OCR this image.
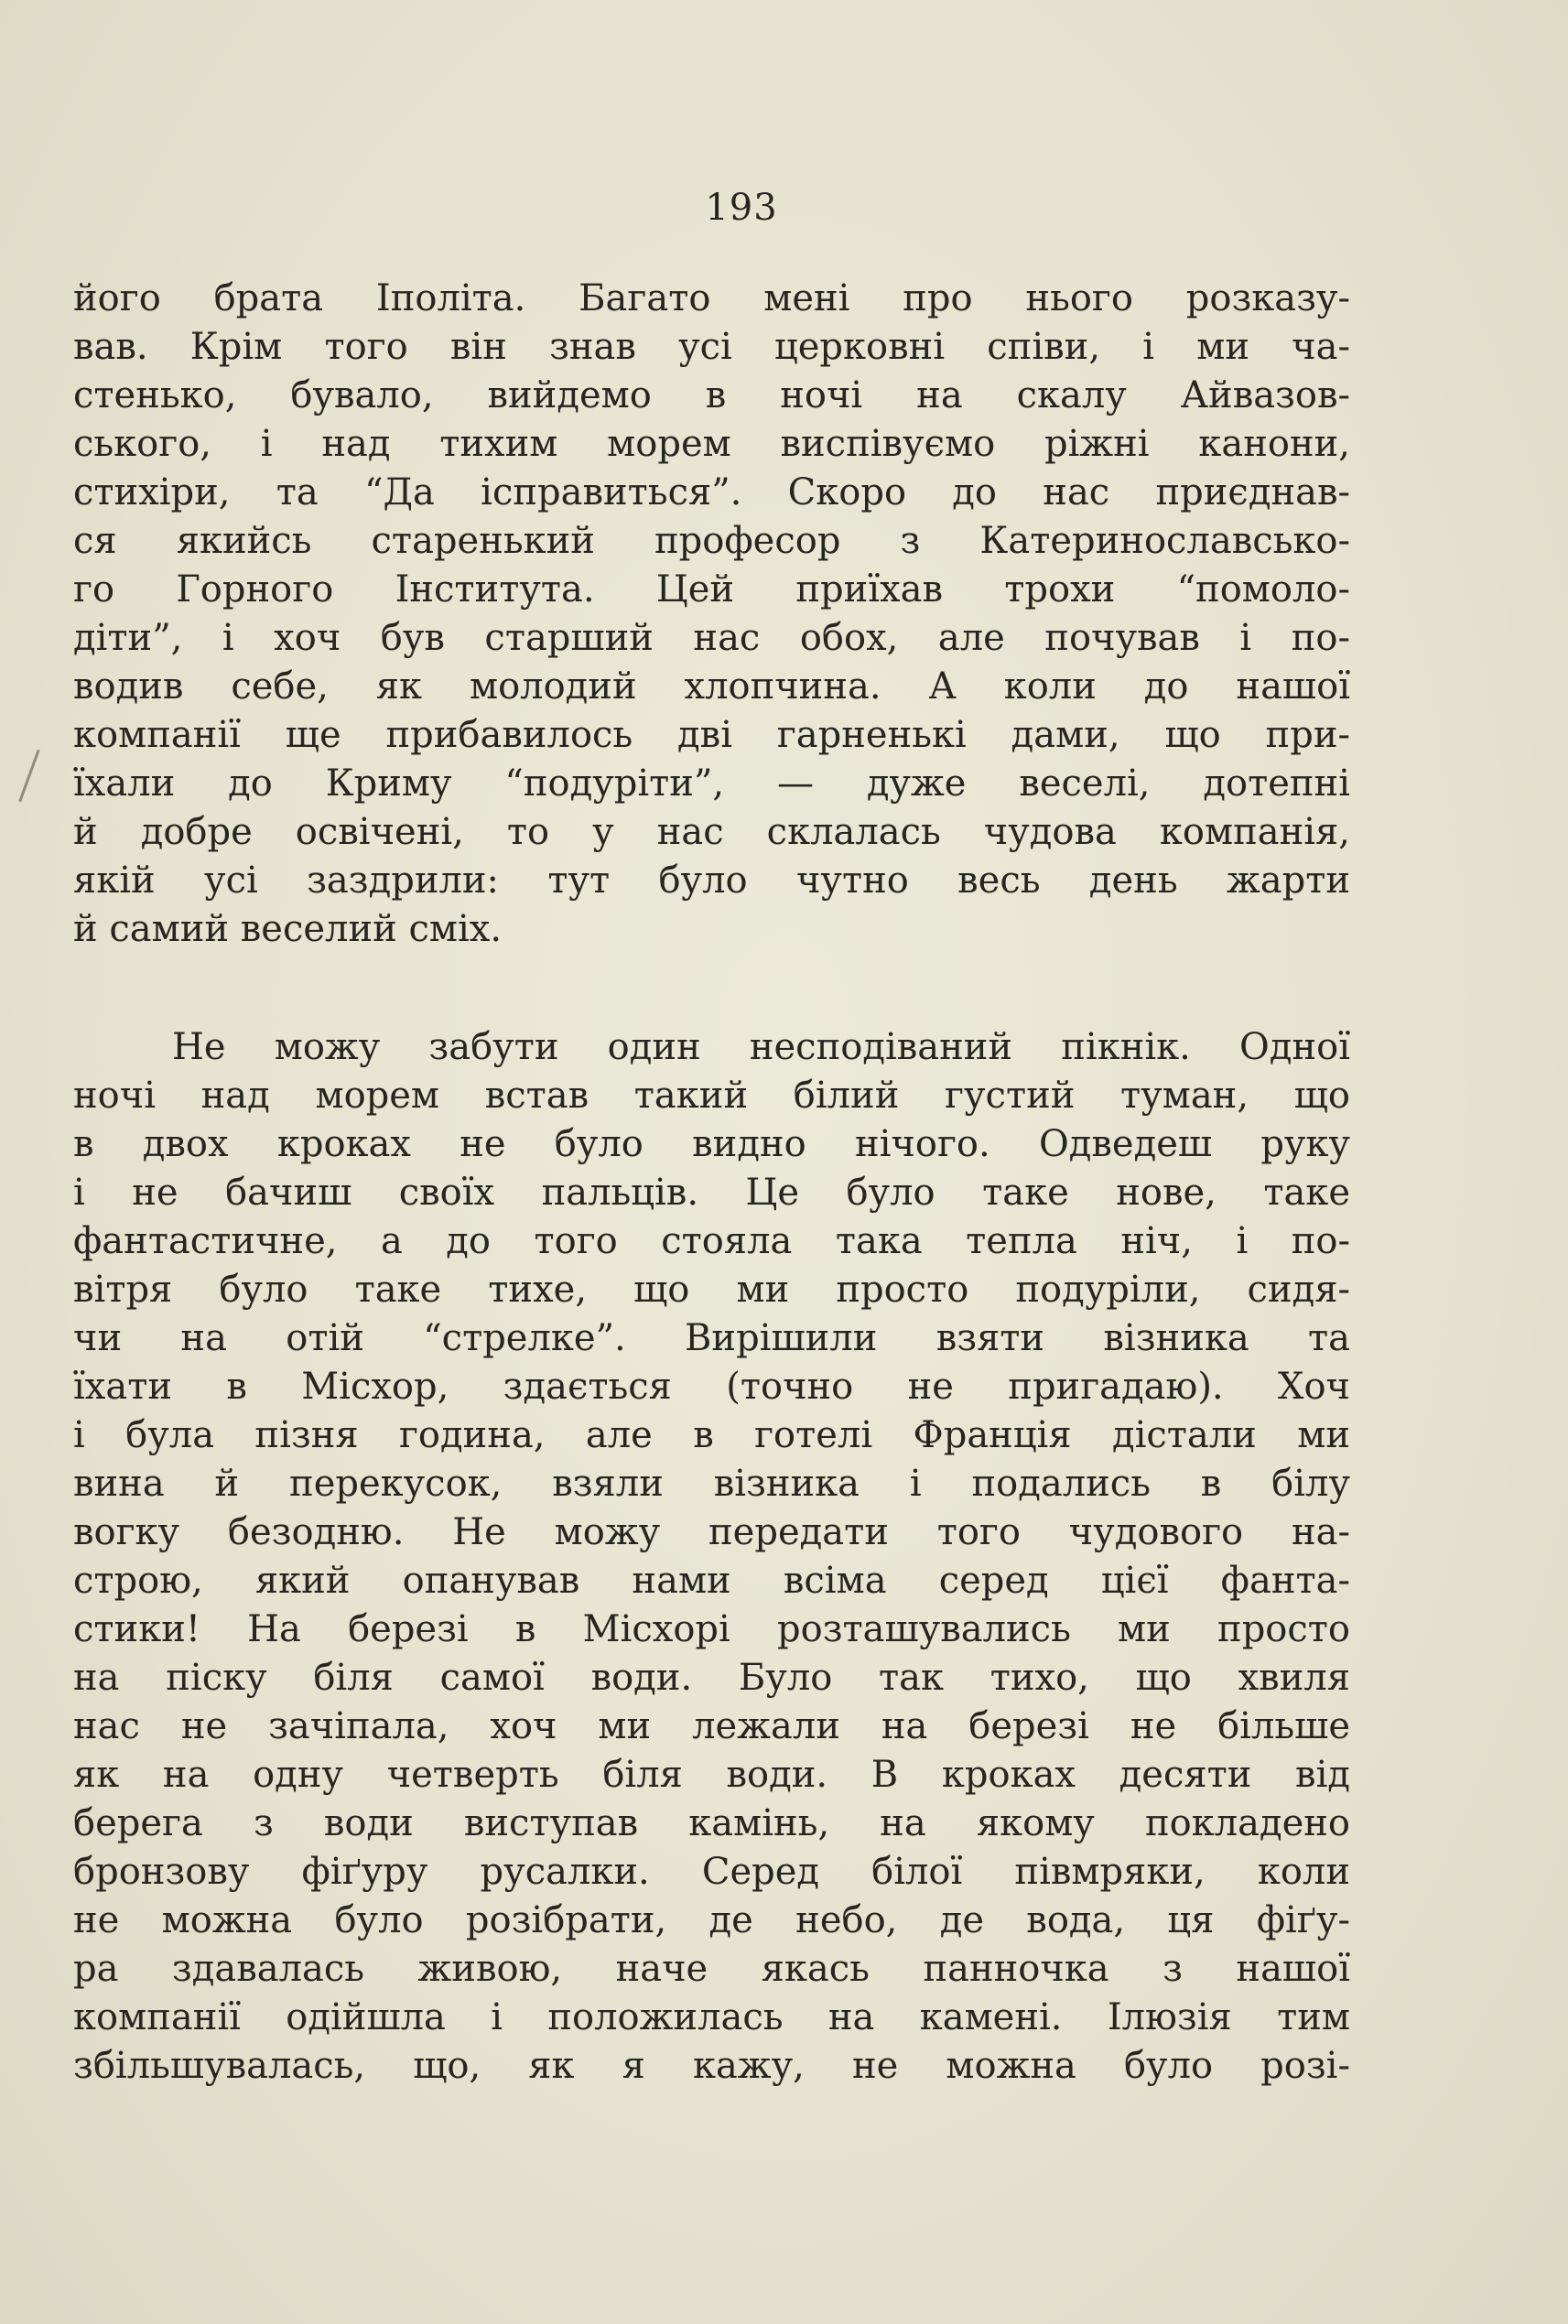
193
його брата Іполіта. Багато мені про нього розказу-
вав. Крім того він знав усі церковні співи, і ми ча-
стенько, бувало, вийдемо в ночі на скалу Айвазов-
ського, і над тихим морем виспівуємо ріжні канони,
стихіри, та “Да ісправиться”. Скоро до нас приєднав-
ся якийсь старенький професор з Катеринославсько-
го Горного Інститута. Цей приїхав трохи “помоло-
діти”, і хоч був старший нас обох, але почував і по-
водив себе, як молодий хлопчина. А коли до нашої
компанії ще прибавилось дві гарненькі дами, що при-
їхали до Криму “подуріти”, — дуже веселі, дотепні
й добре освічені, то у нас склалась чудова компанія,
якій усі заздрили: тут було чутно весь день жарти
й самий веселий сміх.
Не можу забути один несподіваний пікнік. Одної
ночі над морем встав такий білий густий туман, що
в двох кроках не було видно нічого. Одведеш руку
і не бачиш своїх пальців. Це було таке нове, таке
фантастичне, а до того стояла така тепла ніч, і по-
вітря було таке тихе, що ми просто подуріли, сидя-
чи на отій “стрелке”. Вирішили взяти візника та
їхати в Місхор, здається (точно не пригадаю). Хоч
і була пізня година, але в готелі Франція дістали ми
вина й перекусок, взяли візника і подались в білу
вогку безодню. Не можу передати того чудового на-
строю, який опанував нами всіма серед цієї фанта-
стики! На березі в Місхорі розташувались ми просто
на піску біля самої води. Було так тихо, що хвиля
нас не зачіпала, хоч ми лежали на березі не більше
як на одну четверть біля води. В кроках десяти від
берега з води виступав камінь, на якому покладено
бронзову фіґуру русалки. Серед білої півмряки, коли
не можна було розібрати, де небо, де вода, ця фіґу-
ра здавалась живою, наче якась панночка з нашої
компанії одійшла і положилась на камені. Ілюзія тим
збільшувалась, що, як я кажу, не можна було розі-
